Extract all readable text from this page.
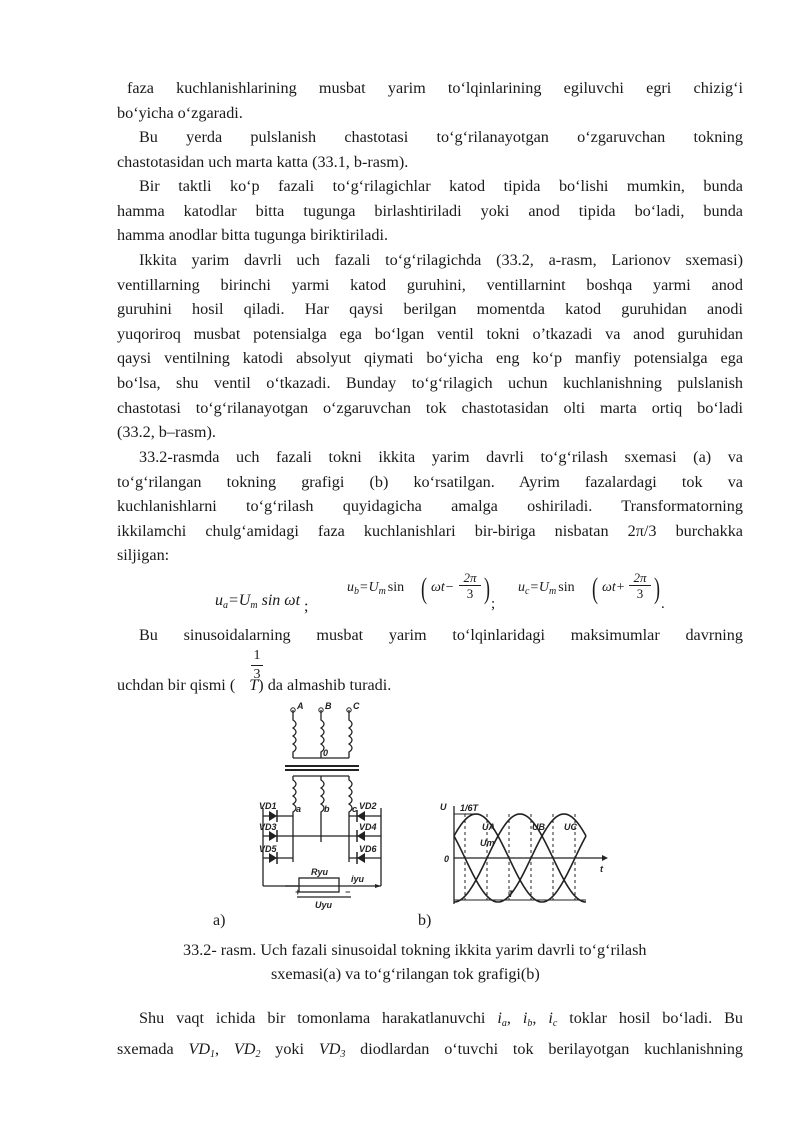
faza kuchlanishlarining musbat yarim to‘lqinlarining egiluvchi egri chizig‘i
bo‘yicha o‘zgaradi.
Bu yerda pulslanish chastotasi to‘g‘rilanayotgan o‘zgaruvchan tokning
chastotasidan uch marta katta (33.1, b-rasm).
Bir taktli ko‘p fazali to‘g‘rilagichlar katod tipida bo‘lishi mumkin, bunda
hamma katodlar bitta tugunga birlashtiriladi yoki anod tipida bo‘ladi, bunda
hamma anodlar bitta tugunga biriktiriladi.
Ikkita yarim davrli uch fazali to‘g‘rilagichda (33.2, a-rasm, Larionov sxemasi)
ventillarning birinchi yarmi katod guruhini, ventillarnint boshqa yarmi anod
guruhini hosil qiladi. Har qaysi berilgan momentda katod guruhidan anodi
yuqoriroq musbat potensialga ega bo‘lgan ventil tokni o’tkazadi va anod guruhidan
qaysi ventilning katodi absolyut qiymati bo‘yicha eng ko‘p manfiy potensialga ega
bo‘lsa, shu ventil o‘tkazadi. Bunday to‘g‘rilagich uchun kuchlanishning pulslanish
chastotasi to‘g‘rilanayotgan o‘zgaruvchan tok chastotasidan olti marta ortiq bo‘ladi
(33.2, b–rasm).
33.2-rasmda uch fazali tokni ikkita yarim davrli to‘g‘rilash sxemasi (a) va
to‘g‘rilangan tokning grafigi (b) ko‘rsatilgan. Ayrim fazalardagi tok va
kuchlanishlarni to‘g‘rilash quyidagicha amalga oshiriladi. Transformatorning
ikkilamchi chulg‘amidagi faza kuchlanishlari bir-biriga nisbatan 2π/3 burchakka
siljigan:
$u_a=U_m$ sin ωt ;
$u_b=U_m$ sin ( ωt−
2π
3 ) ;
$u_c=U_m$ sin ( ωt+
2π
3 ) .
Bu sinusoidalarning musbat yarim to‘lqinlaridagi maksimumlar davrning
1
3
uchdan bir qismi ( T) da almashib turadi.
A B C
0
a	b	c
VD1	VD2
VD3	VD4
VD5	VD6
Ryu
iyu
+	−
Uyu
U
t
0
1/6T
UA	UB UC
Um
T
a)	b)
33.2- rasm. Uch fazali sinusoidal tokning ikkita yarim davrli to‘g‘rilash
sxemasi(a) va to‘g‘rilangan tok grafigi(b)
Shu vaqt ichida bir tomonlama harakatlanuvchi $i_a$, $i_b$, $i_c$ toklar hosil bo‘ladi. Bu
sxemada $VD_1$, $VD_2$ yoki $VD_3$ diodlardan o‘tuvchi tok berilayotgan kuchlanishning
